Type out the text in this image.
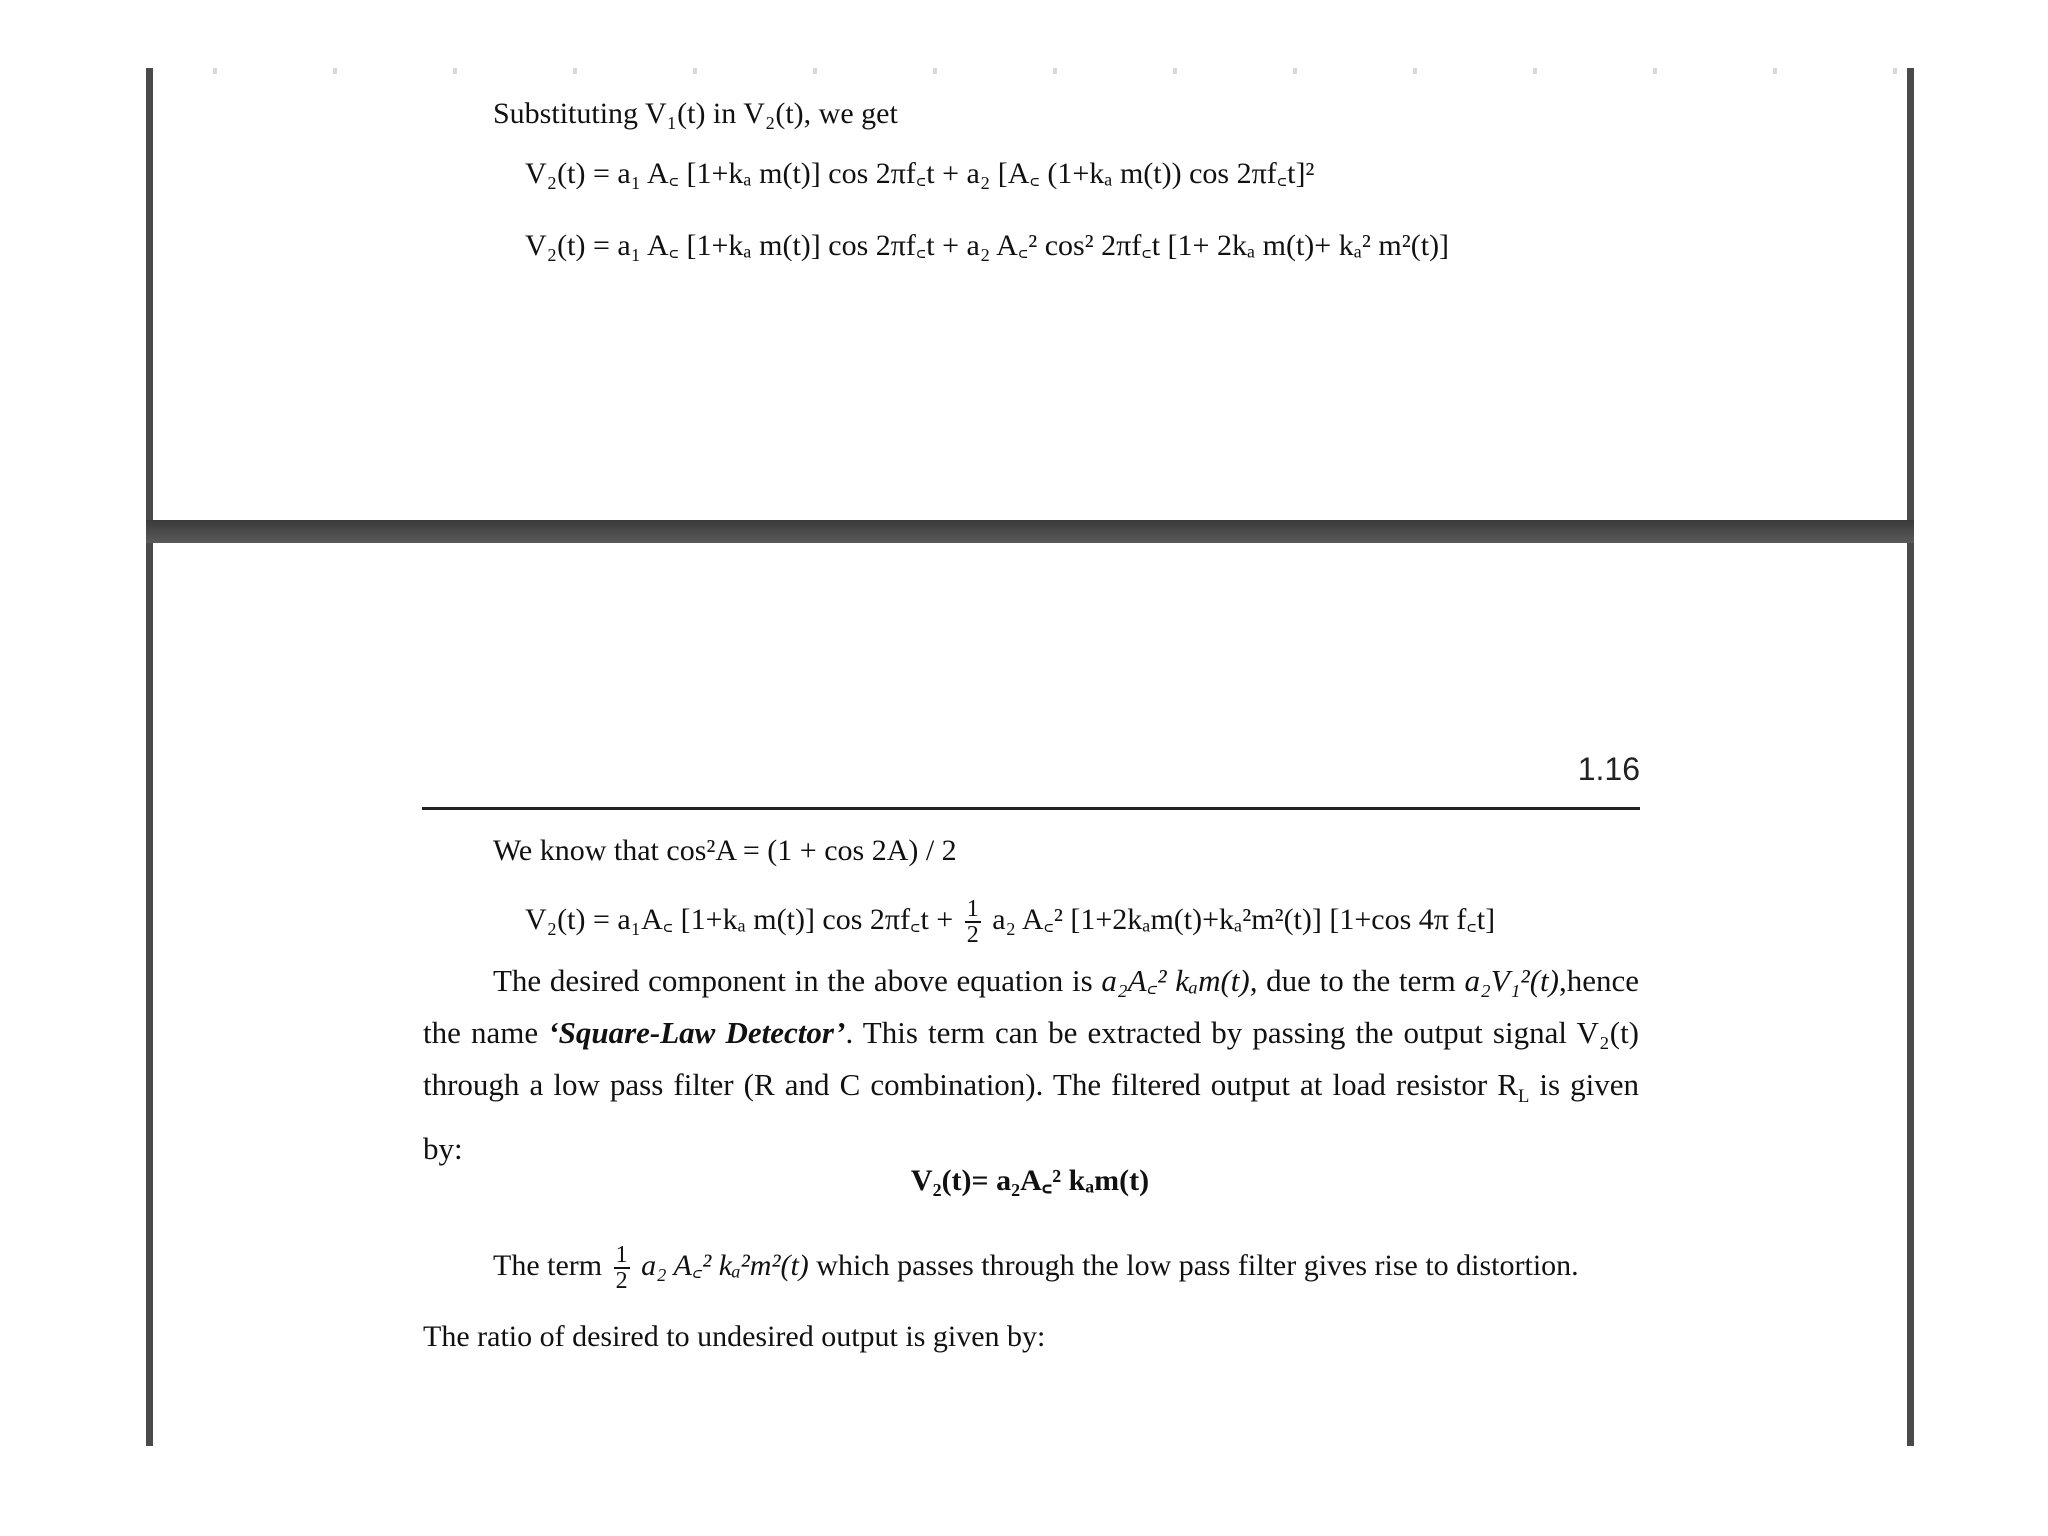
Substituting V₁(t) in V₂(t), we get
V₂(t) = a₁ A꜀ [1+kₐ m(t)] cos 2πf꜀t + a₂ [A꜀ (1+kₐ m(t)) cos 2πf꜀t]²
V₂(t) = a₁ A꜀ [1+kₐ m(t)] cos 2πf꜀t + a₂ A꜀² cos² 2πf꜀t [1+ 2kₐ m(t)+ kₐ² m²(t)]
1.16
We know that cos²A = (1 + cos 2A) / 2
V₂(t) = a₁A꜀ [1+kₐ m(t)] cos 2πf꜀t + $\frac{1}{2} a_2$ A꜀² [1+2kₐm(t)+kₐ²m²(t)] [1+cos 4π f꜀t]
The desired component in the above equation is a₂A꜀² kₐm(t), due to the term a₂V₁²(t),hence the name ‘Square-Law Detector’. This term can be extracted by passing the output signal V₂(t) through a low pass filter (R and C combination). The filtered output at load resistor $R_L$ is given by:
V₂(t)= a₂A꜀² kₐm(t)
The term $\frac{1}{2} a_2$ A꜀² kₐ²m²(t) which passes through the low pass filter gives rise to distortion.
The ratio of desired to undesired output is given by:
